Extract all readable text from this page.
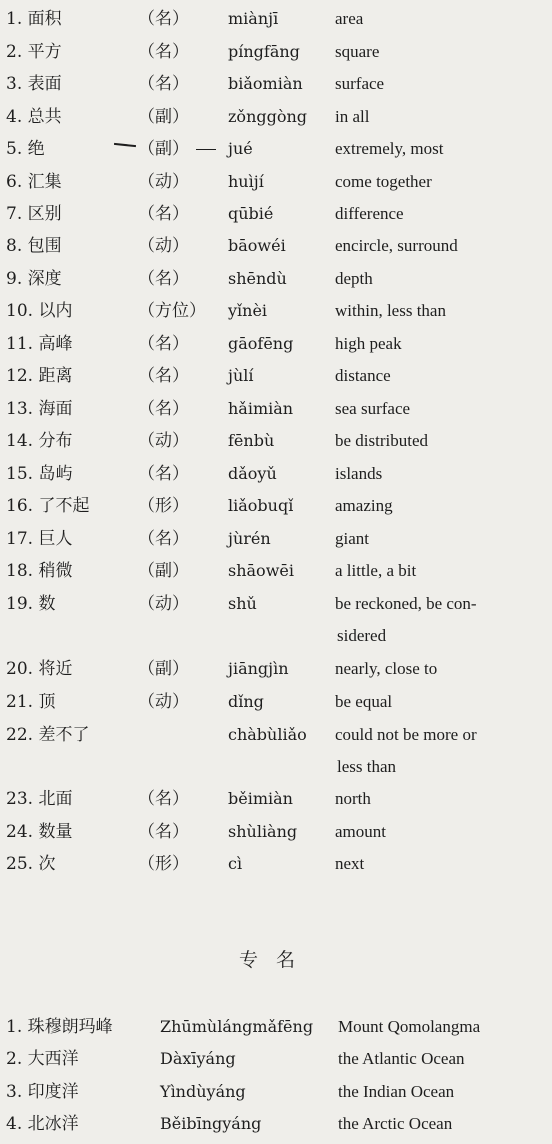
1. 面积	（名） miànjī	area
2. 平方	（名） píngfāng square
3. 表面	（名） biǎomiàn surface
4. 总共	（副） zǒnggòng in all
5. 绝	（副） jué	extremely, most
6. 汇集	（动） huìjí	come together
7. 区别	（名） qūbié	difference
8. 包围	（动） bāowéi	encircle, surround
9. 深度	（名） shēndù	depth
10. 以内	（方位） yǐnèi	within, less than
11. 高峰	（名） gāofēng high peak
12. 距离	（名） jùlí	distance
13. 海面	（名） hǎimiàn sea surface
14. 分布	（动） fēnbù	be distributed
15. 岛屿	（名） dǎoyǔ	islands
16. 了不起	（形） liǎobuqǐ amazing
17. 巨人	（名） jùrén	giant
18. 稍微	（副） shāowēi a little, a bit
19. 数	（动） shǔ	be reckoned, be con-
sidered
20. 将近	（副） jiāngjìn	nearly, close to
21. 顶	（动） dǐng	be equal
22. 差不了	chàbùliǎo could not be more or
less than
23. 北面	（名） běimiàn north
24. 数量	（名） shùliàng amount
25. 次	（形） cì	next
专名
1. 珠穆朗玛峰	Zhūmùlángmǎfēng Mount Qomolangma
2. 大西洋	Dàxīyáng	the Atlantic Ocean
3. 印度洋	Yìndùyáng	the Indian Ocean
4. 北冰洋	Běibīngyáng	the Arctic Ocean
